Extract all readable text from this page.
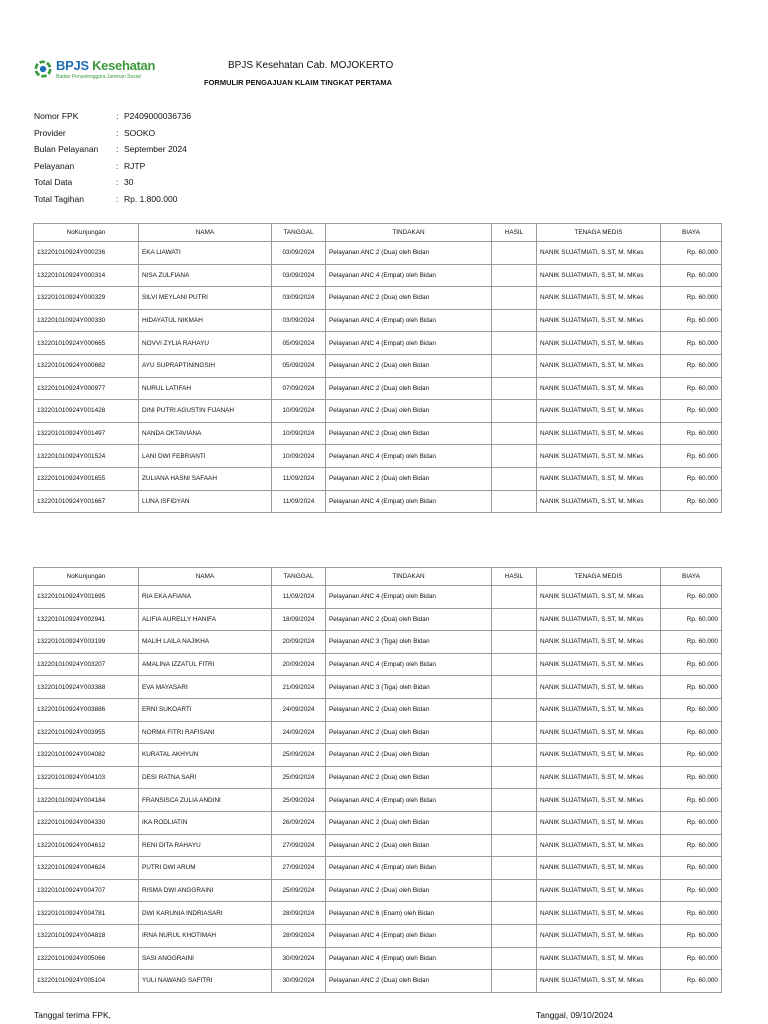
BPJS Kesehatan
Badan Penyelenggara Jaminan Sosial
BPJS Kesehatan Cab. MOJOKERTO
FORMULIR PENGAJUAN KLAIM TINGKAT PERTAMA
Nomor FPK	: P2409000036736
Provider	: SOOKO
Bulan Pelayanan	: September 2024
Pelayanan	: RJTP
Total Data	: 30
Total Tagihan	: Rp. 1.800.000
NoKunjungan	NAMA	TANGGAL	TINDAKAN	HASIL	TENAGA MEDIS	BIAYA
132201010924Y000236	EKA LIAWATI	03/09/2024	Pelayanan ANC 2 (Dua) oleh Bidan		NANIK SUJATMIATI, S.ST, M. MKes	Rp. 60.000
132201010924Y000314	NISA ZULFIANA	03/09/2024	Pelayanan ANC 4 (Empat) oleh Bidan		NANIK SUJATMIATI, S.ST, M. MKes	Rp. 60.000
132201010924Y000329	SILVI MEYLANI PUTRI	03/09/2024	Pelayanan ANC 2 (Dua) oleh Bidan		NANIK SUJATMIATI, S.ST, M. MKes	Rp. 60.000
132201010924Y000330	HIDAYATUL NIKMAH	03/09/2024	Pelayanan ANC 4 (Empat) oleh Bidan		NANIK SUJATMIATI, S.ST, M. MKes	Rp. 60.000
132201010924Y000665	NOVVI ZYLIA RAHAYU	05/09/2024	Pelayanan ANC 4 (Empat) oleh Bidan		NANIK SUJATMIATI, S.ST, M. MKes	Rp. 60.000
132201010924Y000682	AYU SUPRAPTININGSIH	05/09/2024	Pelayanan ANC 2 (Dua) oleh Bidan		NANIK SUJATMIATI, S.ST, M. MKes	Rp. 60.000
132201010924Y000977	NURUL LATIFAH	07/09/2024	Pelayanan ANC 2 (Dua) oleh Bidan		NANIK SUJATMIATI, S.ST, M. MKes	Rp. 60.000
132201010924Y001428	DINI PUTRI AGUSTIN FIJANAH	10/09/2024	Pelayanan ANC 2 (Dua) oleh Bidan		NANIK SUJATMIATI, S.ST, M. MKes	Rp. 60.000
132201010924Y001497	NANDA OKTAVIANA	10/09/2024	Pelayanan ANC 2 (Dua) oleh Bidan		NANIK SUJATMIATI, S.ST, M. MKes	Rp. 60.000
132201010924Y001524	LANI DWI FEBRIANTI	10/09/2024	Pelayanan ANC 4 (Empat) oleh Bidan		NANIK SUJATMIATI, S.ST, M. MKes	Rp. 60.000
132201010924Y001655	ZULIANA HASNI SAFAAH	11/09/2024	Pelayanan ANC 2 (Dua) oleh Bidan		NANIK SUJATMIATI, S.ST, M. MKes	Rp. 60.000
132201010924Y001667	LUNA ISFIDYAN	11/09/2024	Pelayanan ANC 4 (Empat) oleh Bidan		NANIK SUJATMIATI, S.ST, M. MKes	Rp. 60.000
NoKunjungan	NAMA	TANGGAL	TINDAKAN	HASIL	TENAGA MEDIS	BIAYA
132201010924Y001695	RIA EKA AFIANA	11/09/2024	Pelayanan ANC 4 (Empat) oleh Bidan		NANIK SUJATMIATI, S.ST, M. MKes	Rp. 60.000
132201010924Y002941	ALIFIA AURELLY HANIFA	18/09/2024	Pelayanan ANC 2 (Dua) oleh Bidan		NANIK SUJATMIATI, S.ST, M. MKes	Rp. 60.000
132201010924Y003199	MALIH LAILA NAJIKHA	20/09/2024	Pelayanan ANC 3 (Tiga) oleh Bidan		NANIK SUJATMIATI, S.ST, M. MKes	Rp. 60.000
132201010924Y003207	AMALINA IZZATUL FITRI	20/09/2024	Pelayanan ANC 4 (Empat) oleh Bidan		NANIK SUJATMIATI, S.ST, M. MKes	Rp. 60.000
132201010924Y003388	EVA MAYASARI	21/09/2024	Pelayanan ANC 3 (Tiga) oleh Bidan		NANIK SUJATMIATI, S.ST, M. MKes	Rp. 60.000
132201010924Y003886	ERNI SUKOARTI	24/09/2024	Pelayanan ANC 2 (Dua) oleh Bidan		NANIK SUJATMIATI, S.ST, M. MKes	Rp. 60.000
132201010924Y003955	NORMA FITRI RAFISANI	24/09/2024	Pelayanan ANC 2 (Dua) oleh Bidan		NANIK SUJATMIATI, S.ST, M. MKes	Rp. 60.000
132201010924Y004082	KURATAL AKHYUN	25/09/2024	Pelayanan ANC 2 (Dua) oleh Bidan		NANIK SUJATMIATI, S.ST, M. MKes	Rp. 60.000
132201010924Y004103	DESI RATNA SARI	25/09/2024	Pelayanan ANC 2 (Dua) oleh Bidan		NANIK SUJATMIATI, S.ST, M. MKes	Rp. 60.000
132201010924Y004184	FRANSISCA ZULIA ANDINI	25/09/2024	Pelayanan ANC 4 (Empat) oleh Bidan		NANIK SUJATMIATI, S.ST, M. MKes	Rp. 60.000
132201010924Y004330	IKA RODLIATIN	26/09/2024	Pelayanan ANC 2 (Dua) oleh Bidan		NANIK SUJATMIATI, S.ST, M. MKes	Rp. 60.000
132201010924Y004612	RENI DITA RAHAYU	27/09/2024	Pelayanan ANC 2 (Dua) oleh Bidan		NANIK SUJATMIATI, S.ST, M. MKes	Rp. 60.000
132201010924Y004624	PUTRI DWI ARUM	27/09/2024	Pelayanan ANC 4 (Empat) oleh Bidan		NANIK SUJATMIATI, S.ST, M. MKes	Rp. 60.000
132201010924Y004707	RISMA DWI ANGGRAINI	25/09/2024	Pelayanan ANC 2 (Dua) oleh Bidan		NANIK SUJATMIATI, S.ST, M. MKes	Rp. 60.000
132201010924Y004781	DWI KARUNIA INDRIASARI	28/09/2024	Pelayanan ANC 6 (Enam) oleh Bidan		NANIK SUJATMIATI, S.ST, M. MKes	Rp. 60.000
132201010924Y004818	IRNA NURUL KHOTIMAH	28/09/2024	Pelayanan ANC 4 (Empat) oleh Bidan		NANIK SUJATMIATI, S.ST, M. MKes	Rp. 60.000
132201010924Y005066	SASI ANGGRAINI	30/09/2024	Pelayanan ANC 4 (Empat) oleh Bidan		NANIK SUJATMIATI, S.ST, M. MKes	Rp. 60.000
132201010924Y005104	YULI NAWANG SAFITRI	30/09/2024	Pelayanan ANC 2 (Dua) oleh Bidan		NANIK SUJATMIATI, S.ST, M. MKes	Rp. 60.000
Tanggal terima FPK,	Tanggal, 09/10/2024
